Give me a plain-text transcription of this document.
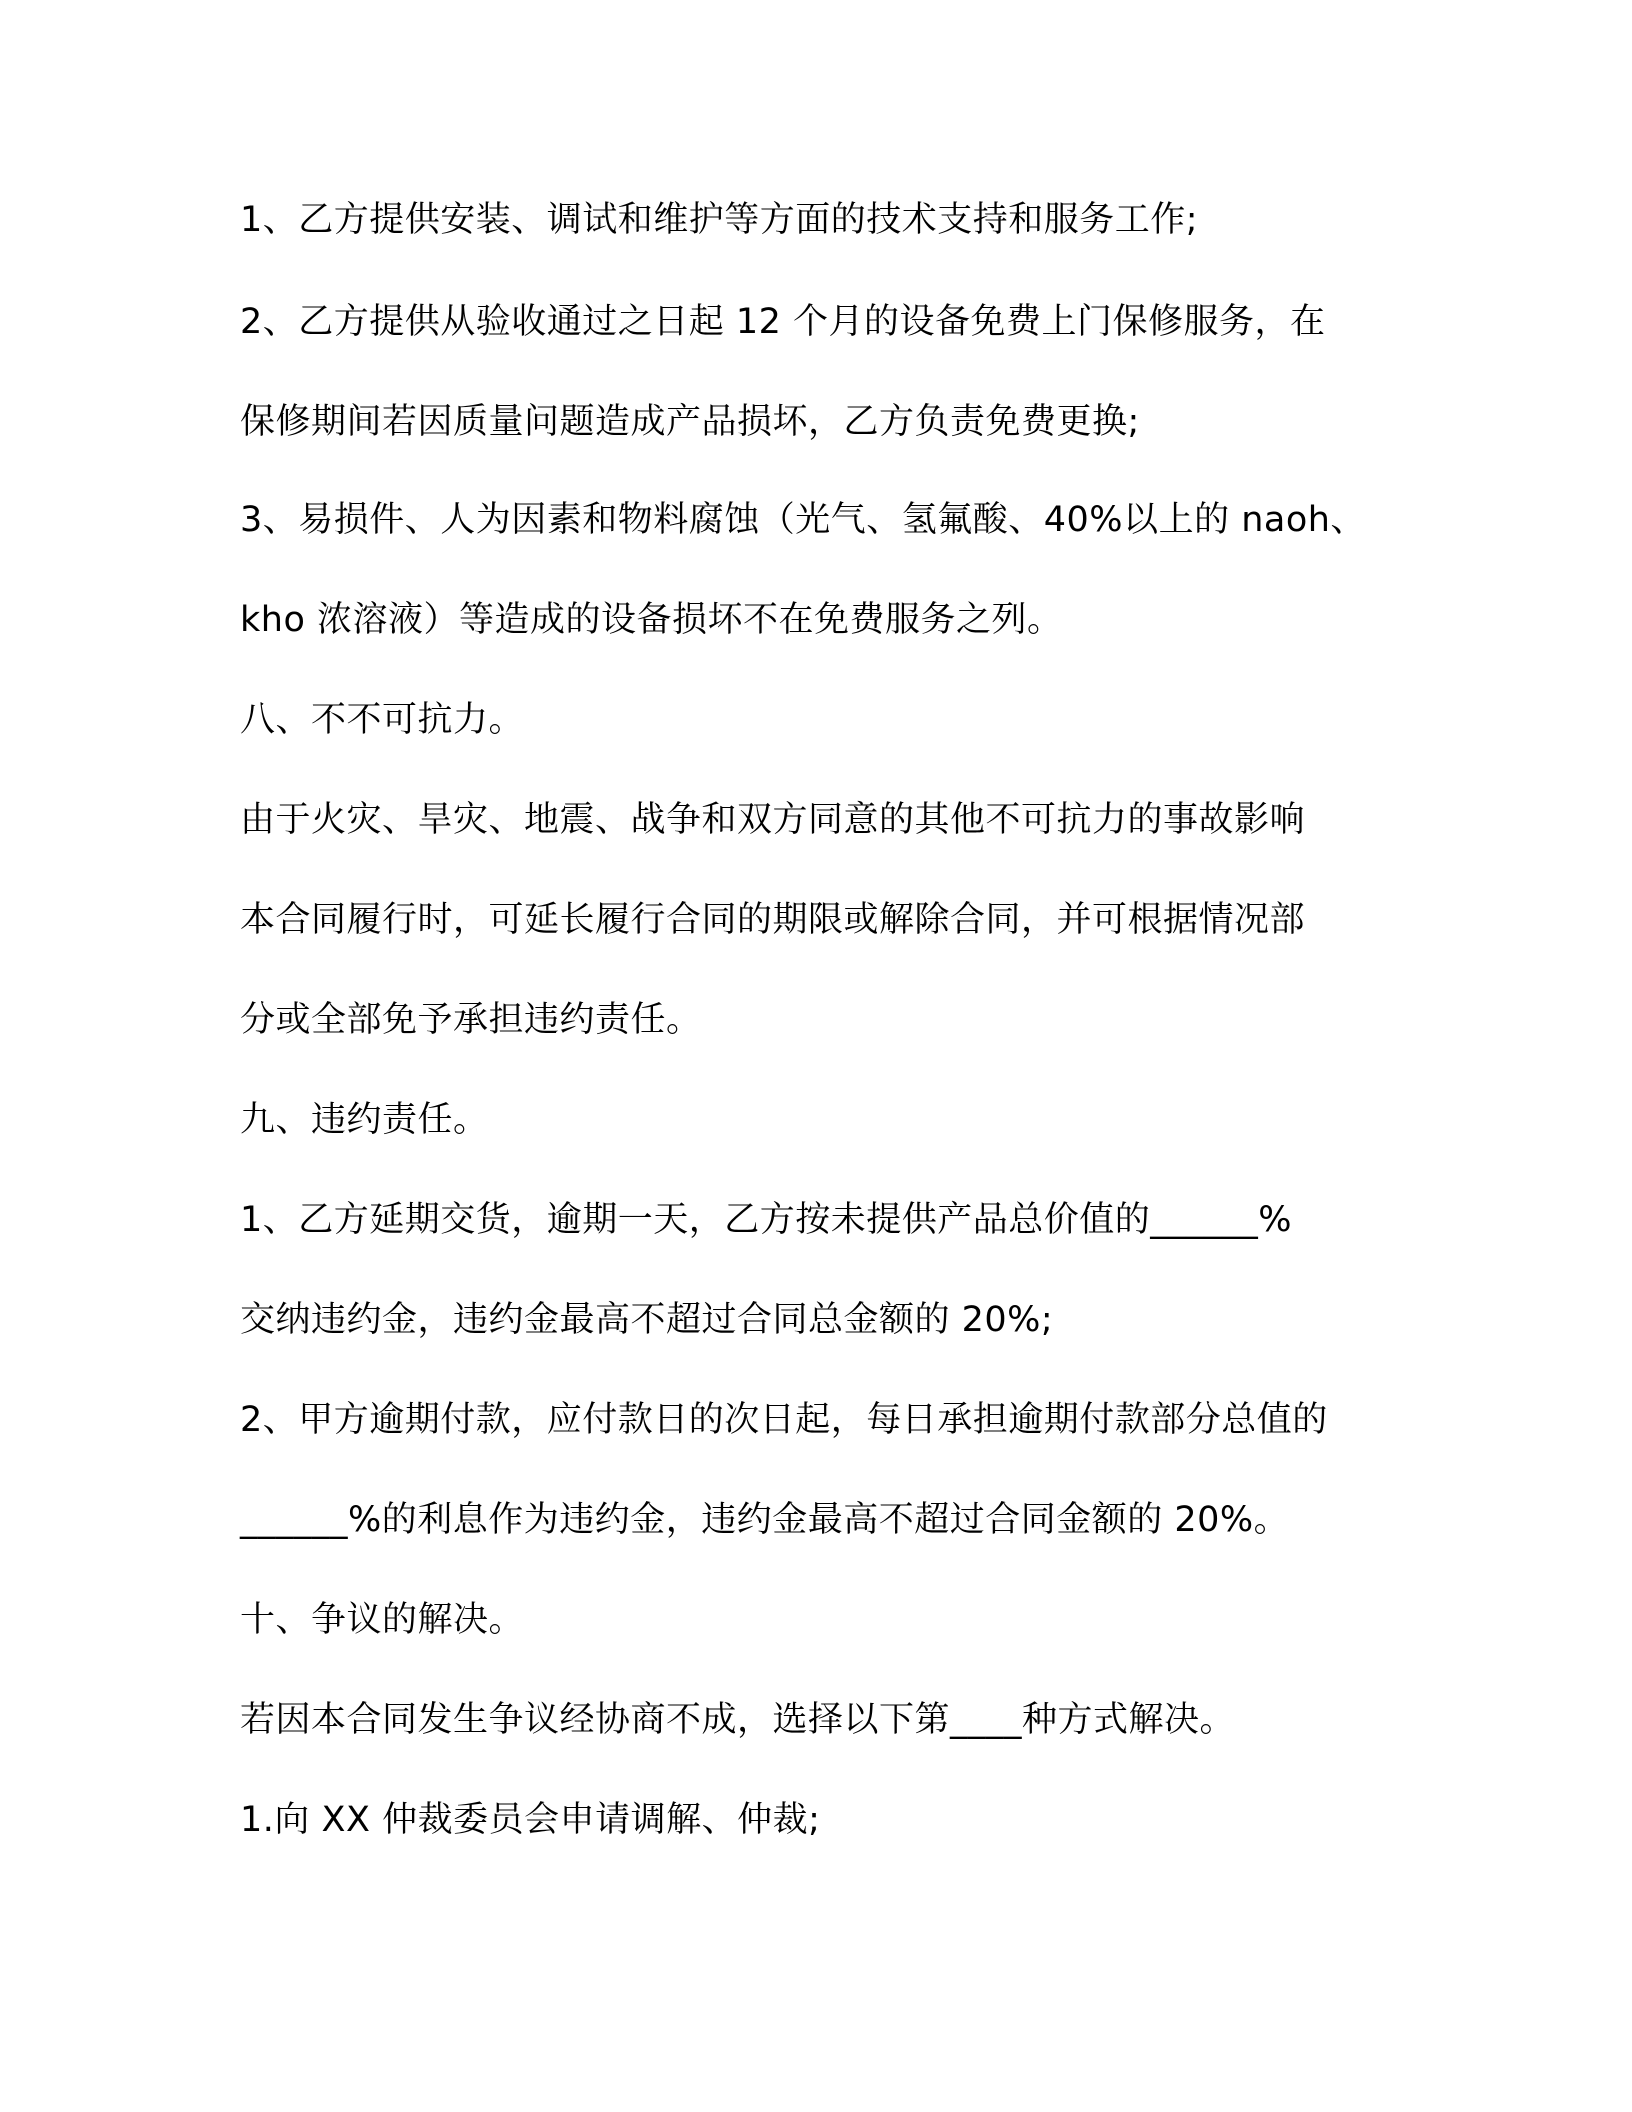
1、乙方提供安装、调试和维护等方面的技术支持和服务工作;
2、乙方提供从验收通过之日起 12 个月的设备免费上门保修服务，在
保修期间若因质量问题造成产品损坏，乙方负责免费更换;
3、易损件、人为因素和物料腐蚀（光气、氢氟酸、40%以上的 naoh、
kho 浓溶液）等造成的设备损坏不在免费服务之列。
八、不不可抗力。
由于火灾、旱灾、地震、战争和双方同意的其他不可抗力的事故影响
本合同履行时，可延长履行合同的期限或解除合同，并可根据情况部
分或全部免予承担违约责任。
九、违约责任。
1、乙方延期交货，逾期一天，乙方按未提供产品总价值的______%
交纳违约金，违约金最高不超过合同总金额的 20%;
2、甲方逾期付款，应付款日的次日起，每日承担逾期付款部分总值的
______%的利息作为违约金，违约金最高不超过合同金额的 20%。
十、争议的解决。
若因本合同发生争议经协商不成，选择以下第____种方式解决。
1.向 XX 仲裁委员会申请调解、仲裁;
